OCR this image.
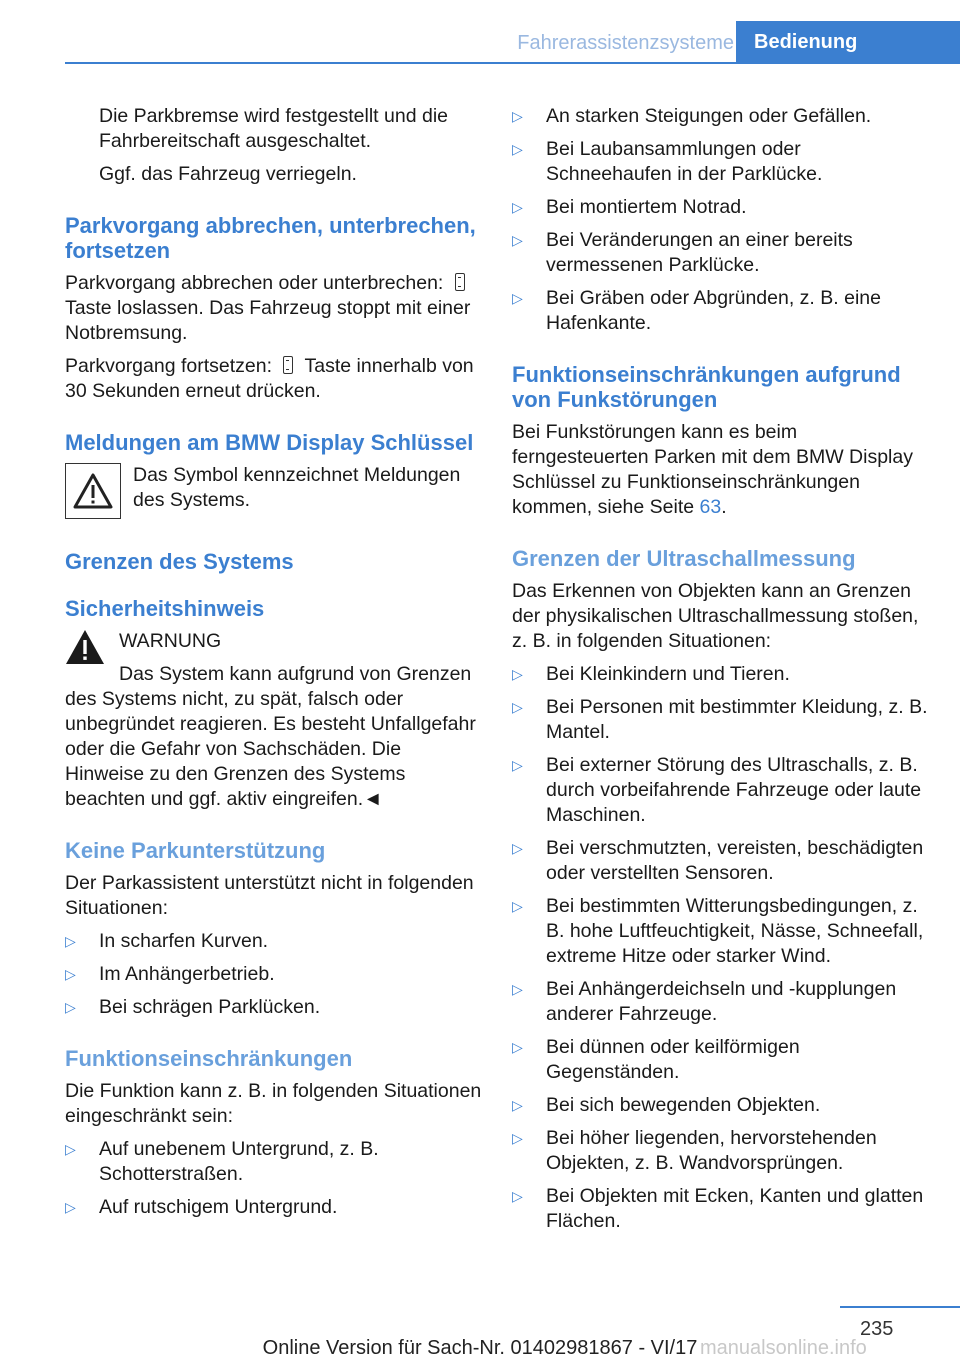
Fahrerassistenzsysteme	Bedienung

Die Parkbremse wird festgestellt und die Fahrbereitschaft ausgeschaltet.

Ggf. das Fahrzeug verriegeln.

Parkvorgang abbrechen, unterbrechen, fortsetzen

Parkvorgang abbrechen oder unterbrechen:  Taste loslassen. Das Fahrzeug stoppt mit einer Notbremsung.

Parkvorgang fortsetzen: Taste innerhalb von 30 Sekunden erneut drücken.

Meldungen am BMW Display Schlüssel

Das Symbol kennzeichnet Meldungen des Systems.

Grenzen des Systems
Sicherheitshinweis

WARNUNG

Das System kann aufgrund von Grenzen

des Systems nicht, zu spät, falsch oder unbegründet reagieren. Es besteht Unfallgefahr oder die Gefahr von Sachschäden. Die Hinweise zu den Grenzen des Systems beachten und ggf. aktiv eingreifen.◄

Keine Parkunterstützung

Der Parkassistent unterstützt nicht in folgenden Situationen:

▷ In scharfen Kurven.
▷ Im Anhängerbetrieb.
▷ Bei schrägen Parklücken.
Funktionseinschränkungen

Die Funktion kann z. B. in folgenden Situationen eingeschränkt sein:

▷ Auf unebenem Untergrund, z. B. Schotterstraßen.
▷ Auf rutschigem Untergrund.
▷ An starken Steigungen oder Gefällen.
▷ Bei Laubansammlungen oder Schneehaufen in der Parklücke.
▷ Bei montiertem Notrad.
▷ Bei Veränderungen an einer bereits vermessenen Parklücke.
▷ Bei Gräben oder Abgründen, z. B. eine Hafenkante.
Funktionseinschränkungen aufgrund von Funkstörungen

Bei Funkstörungen kann es beim ferngesteuerten Parken mit dem BMW Display Schlüssel zu Funktionseinschränkungen kommen, siehe Seite 63.

Grenzen der Ultraschallmessung

Das Erkennen von Objekten kann an Grenzen der physikalischen Ultraschallmessung stoßen, z. B. in folgenden Situationen:

▷ Bei Kleinkindern und Tieren.
▷ Bei Personen mit bestimmter Kleidung, z. B. Mantel.
▷ Bei externer Störung des Ultraschalls, z. B. durch vorbeifahrende Fahrzeuge oder laute Maschinen.
▷ Bei verschmutzten, vereisten, beschädigten oder verstellten Sensoren.
▷ Bei bestimmten Witterungsbedingungen, z. B. hohe Luftfeuchtigkeit, Nässe, Schneefall, extreme Hitze oder starker Wind.
▷ Bei Anhängerdeichseln und -kupplungen anderer Fahrzeuge.
▷ Bei dünnen oder keilförmigen Gegenständen.
▷ Bei sich bewegenden Objekten.
▷ Bei höher liegenden, hervorstehenden Objekten, z. B. Wandvorsprüngen.
▷ Bei Objekten mit Ecken, Kanten und glatten Flächen.
235
manualsonline.info
Online Version für Sach-Nr. 01402981867 - VI/17
